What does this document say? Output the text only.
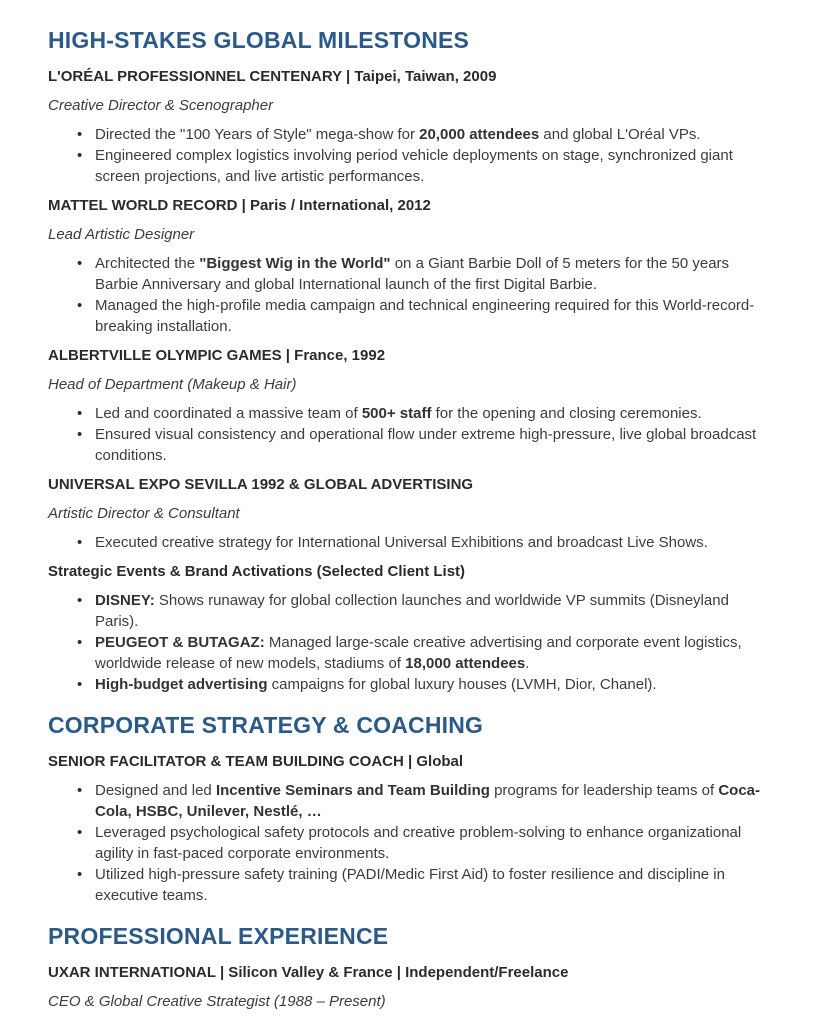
HIGH-STAKES GLOBAL MILESTONES

L'ORÉAL PROFESSIONNEL CENTENARY | Taipei, Taiwan, 2009

Creative Director & Scenographer

• Directed the "100 Years of Style" mega-show for 20,000 attendees and global L'Oréal VPs.
• Engineered complex logistics involving period vehicle deployments on stage, synchronized giant screen projections, and live artistic performances.

MATTEL WORLD RECORD | Paris / International, 2012

Lead Artistic Designer

• Architected the "Biggest Wig in the World" on a Giant Barbie Doll of 5 meters for the 50 years Barbie Anniversary and global International launch of the first Digital Barbie.
• Managed the high-profile media campaign and technical engineering required for this World-record-breaking installation.

ALBERTVILLE OLYMPIC GAMES | France, 1992

Head of Department (Makeup & Hair)

• Led and coordinated a massive team of 500+ staff for the opening and closing ceremonies.
• Ensured visual consistency and operational flow under extreme high-pressure, live global broadcast conditions.

UNIVERSAL EXPO SEVILLA 1992 & GLOBAL ADVERTISING

Artistic Director & Consultant

• Executed creative strategy for International Universal Exhibitions and broadcast Live Shows.

Strategic Events & Brand Activations (Selected Client List)

• DISNEY: Shows runaway for global collection launches and worldwide VP summits (Disneyland Paris).
• PEUGEOT & BUTAGAZ: Managed large-scale creative advertising and corporate event logistics, worldwide release of new models, stadiums of 18,000 attendees.
• High-budget advertising campaigns for global luxury houses (LVMH, Dior, Chanel).
CORPORATE STRATEGY & COACHING

SENIOR FACILITATOR & TEAM BUILDING COACH | Global

• Designed and led Incentive Seminars and Team Building programs for leadership teams of Coca-Cola, HSBC, Unilever, Nestlé, …
• Leveraged psychological safety protocols and creative problem-solving to enhance organizational agility in fast-paced corporate environments.
• Utilized high-pressure safety training (PADI/Medic First Aid) to foster resilience and discipline in executive teams.
PROFESSIONAL EXPERIENCE

UXAR INTERNATIONAL | Silicon Valley & France | Independent/Freelance

CEO & Global Creative Strategist (1988 – Present)
